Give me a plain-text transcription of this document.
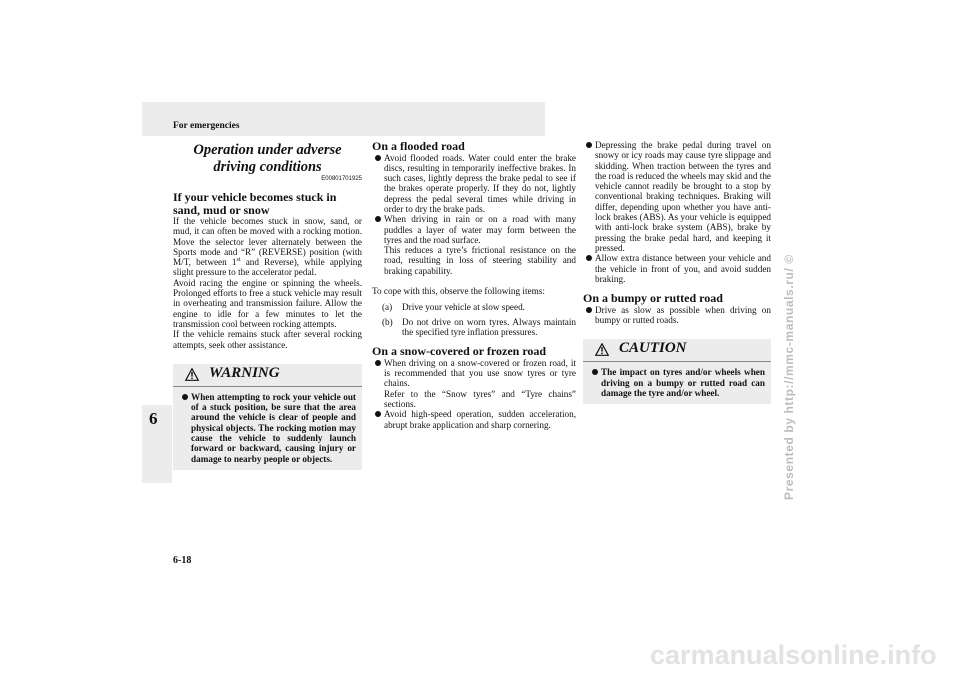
For emergencies
6
6-18
Presented by http://mmc-manuals.ru/ ©
carmanualsonline.info
Operation under adverse driving conditions
E00801701925
If your vehicle becomes stuck in sand, mud or snow

If the vehicle becomes stuck in snow, sand, or mud, it can often be moved with a rocking motion. Move the selector lever alternately between the Sports mode and “R” (REVERSE) position (with M/T, between 1st and Reverse), while applying slight pressure to the accelerator pedal.

Avoid racing the engine or spinning the wheels. Prolonged efforts to free a stuck vehicle may result in overheating and transmission failure. Allow the engine to idle for a few minutes to let the transmission cool between rocking attempts.

If the vehicle remains stuck after several rocking attempts, seek other assistance.

WARNING
When attempting to rock your vehicle out of a stuck position, be sure that the area around the vehicle is clear of people and physical objects. The rocking motion may cause the vehicle to suddenly launch forward or backward, causing injury or damage to nearby people or objects.
On a flooded road
Avoid flooded roads. Water could enter the brake discs, resulting in temporarily ineffective brakes. In such cases, lightly depress the brake pedal to see if the brakes operate properly. If they do not, lightly depress the pedal several times while driving in order to dry the brake pads.
When driving in rain or on a road with many puddles a layer of water may form between the tyres and the road surface.
This reduces a tyre’s frictional resistance on the road, resulting in loss of steering stability and braking capability.

To cope with this, observe the following items:

(a) Drive your vehicle at slow speed.
(b) Do not drive on worn tyres. Always maintain the specified tyre inflation pressures.
On a snow-covered or frozen road
When driving on a snow-covered or frozen road, it is recommended that you use snow tyres or tyre chains.
Refer to the “Snow tyres” and “Tyre chains” sections.
Avoid high-speed operation, sudden acceleration, abrupt brake application and sharp cornering.
Depressing the brake pedal during travel on snowy or icy roads may cause tyre slippage and skidding. When traction between the tyres and the road is reduced the wheels may skid and the vehicle cannot readily be brought to a stop by conventional braking techniques. Braking will differ, depending upon whether you have anti-lock brakes (ABS). As your vehicle is equipped with anti-lock brake system (ABS), brake by pressing the brake pedal hard, and keeping it pressed.
Allow extra distance between your vehicle and the vehicle in front of you, and avoid sudden braking.
On a bumpy or rutted road
Drive as slow as possible when driving on bumpy or rutted roads.
CAUTION
The impact on tyres and/or wheels when driving on a bumpy or rutted road can damage the tyre and/or wheel.
